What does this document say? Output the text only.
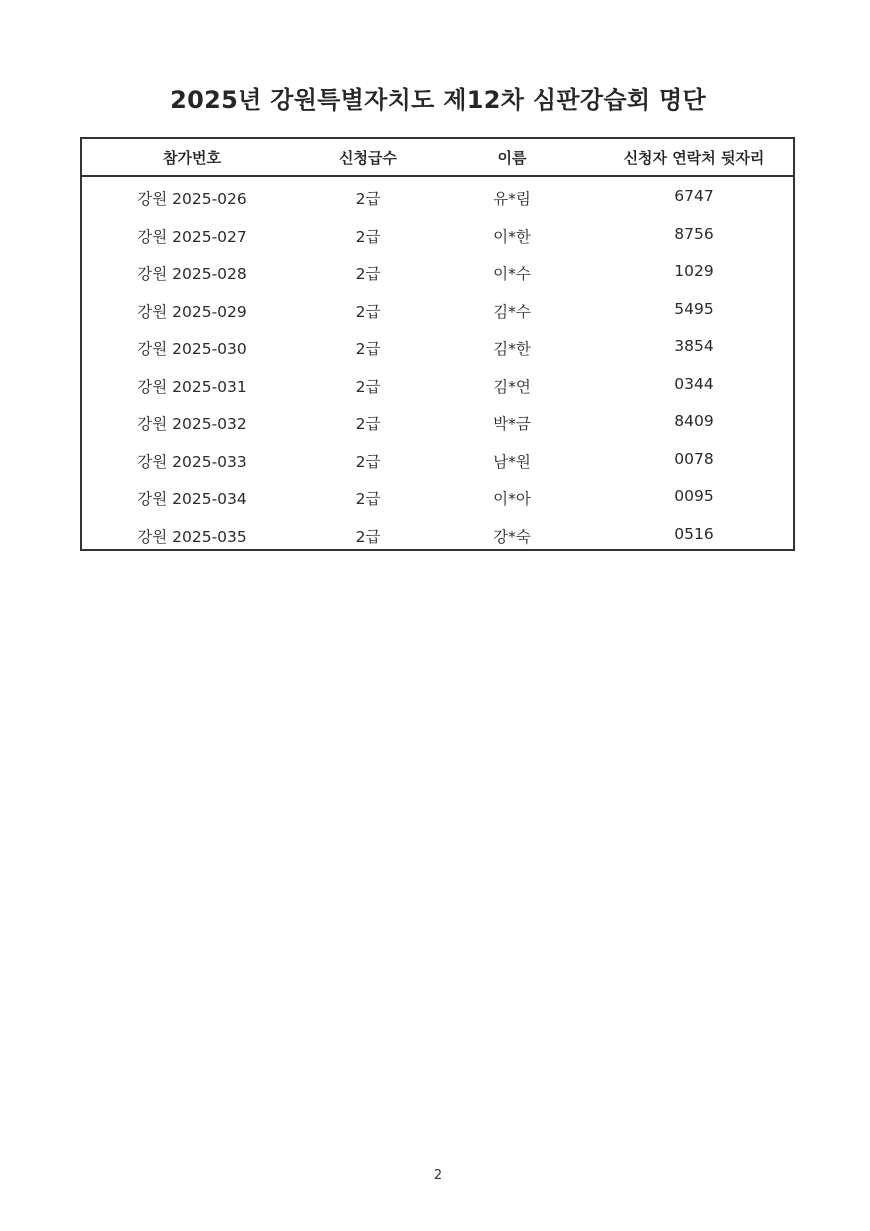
2025년 강원특별자치도 제12차 심판강습회 명단
참가번호	신청급수	이름	신청자 연락처 뒷자리
강원 2025-026	2급	유*림	6747
강원 2025-027	2급	이*한	8756
강원 2025-028	2급	이*수	1029
강원 2025-029	2급	김*수	5495
강원 2025-030	2급	김*한	3854
강원 2025-031	2급	김*연	0344
강원 2025-032	2급	박*금	8409
강원 2025-033	2급	남*원	0078
강원 2025-034	2급	이*아	0095
강원 2025-035	2급	강*숙	0516
2
